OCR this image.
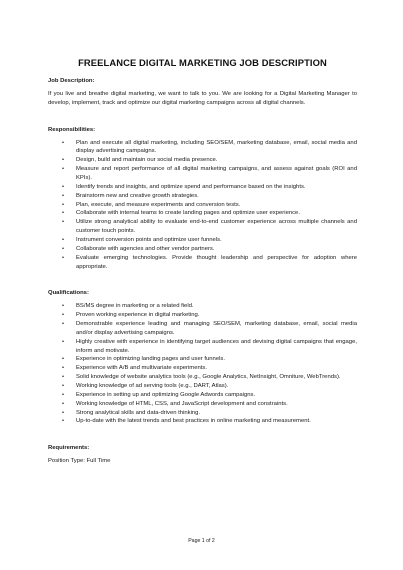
FREELANCE DIGITAL MARKETING JOB DESCRIPTION
Job Description:

If you live and breathe digital marketing, we want to talk to you. We are looking for a Digital Marketing Manager to develop, implement, track and optimize our digital marketing campaigns across all digital channels.

Responsibilities:
• Plan and execute all digital marketing, including SEO/SEM, marketing database, email, social media and display advertising campaigns.
• Design, build and maintain our social media presence.
• Measure and report performance of all digital marketing campaigns, and assess against goals (ROI and KPIs).
• Identify trends and insights, and optimize spend and performance based on the insights.
• Brainstorm new and creative growth strategies.
• Plan, execute, and measure experiments and conversion tests.
• Collaborate with internal teams to create landing pages and optimize user experience.
• Utilize strong analytical ability to evaluate end-to-end customer experience across multiple channels and customer touch points.
• Instrument conversion points and optimize user funnels.
• Collaborate with agencies and other vendor partners.
• Evaluate emerging technologies. Provide thought leadership and perspective for adoption where appropriate.
Qualifications:
• BS/MS degree in marketing or a related field.
• Proven working experience in digital marketing.
• Demonstrable experience leading and managing SEO/SEM, marketing database, email, social media and/or display advertising campaigns.
• Highly creative with experience in identifying target audiences and devising digital campaigns that engage, inform and motivate.
• Experience in optimizing landing pages and user funnels.
• Experience with A/B and multivariate experiments.
• Solid knowledge of website analytics tools (e.g., Google Analytics, NetInsight, Omniture, WebTrends).
• Working knowledge of ad serving tools (e.g., DART, Atlas).
• Experience in setting up and optimizing Google Adwords campaigns.
• Working knowledge of HTML, CSS, and JavaScript development and constraints.
• Strong analytical skills and data-driven thinking.
• Up-to-date with the latest trends and best practices in online marketing and measurement.
Requirements:
Position Type: Full Time
Page 1 of 2
